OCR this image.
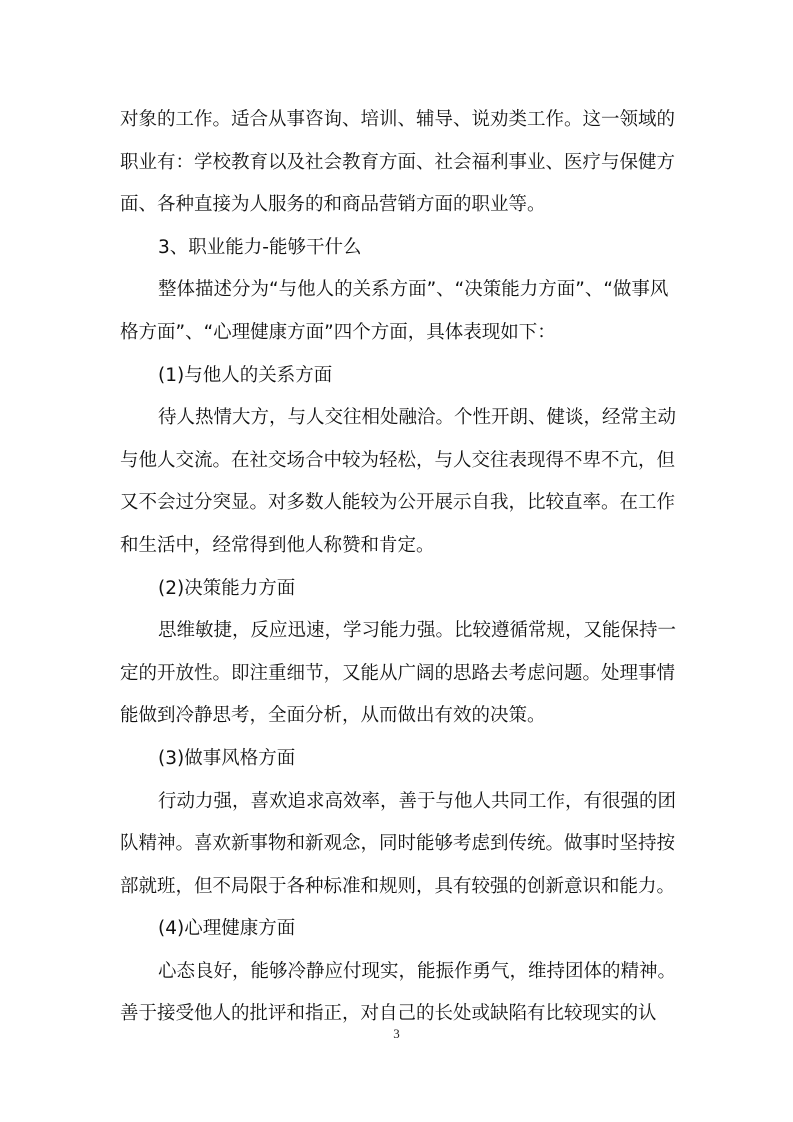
对象的工作。适合从事咨询、培训、辅导、说劝类工作。这一领域的
职业有：学校教育以及社会教育方面、社会福利事业、医疗与保健方
面、各种直接为人服务的和商品营销方面的职业等。
3、职业能力-能够干什么
整体描述分为“与他人的关系方面”、“决策能力方面”、“做事风
格方面”、“心理健康方面”四个方面，具体表现如下：
(1)与他人的关系方面
待人热情大方，与人交往相处融洽。个性开朗、健谈，经常主动
与他人交流。在社交场合中较为轻松，与人交往表现得不卑不亢，但
又不会过分突显。对多数人能较为公开展示自我，比较直率。在工作
和生活中，经常得到他人称赞和肯定。
(2)决策能力方面
思维敏捷，反应迅速，学习能力强。比较遵循常规，又能保持一
定的开放性。即注重细节，又能从广阔的思路去考虑问题。处理事情
能做到冷静思考，全面分析，从而做出有效的决策。
(3)做事风格方面
行动力强，喜欢追求高效率，善于与他人共同工作，有很强的团
队精神。喜欢新事物和新观念，同时能够考虑到传统。做事时坚持按
部就班，但不局限于各种标准和规则，具有较强的创新意识和能力。
(4)心理健康方面
心态良好，能够冷静应付现实，能振作勇气，维持团体的精神。
善于接受他人的批评和指正，对自己的长处或缺陷有比较现实的认
3
